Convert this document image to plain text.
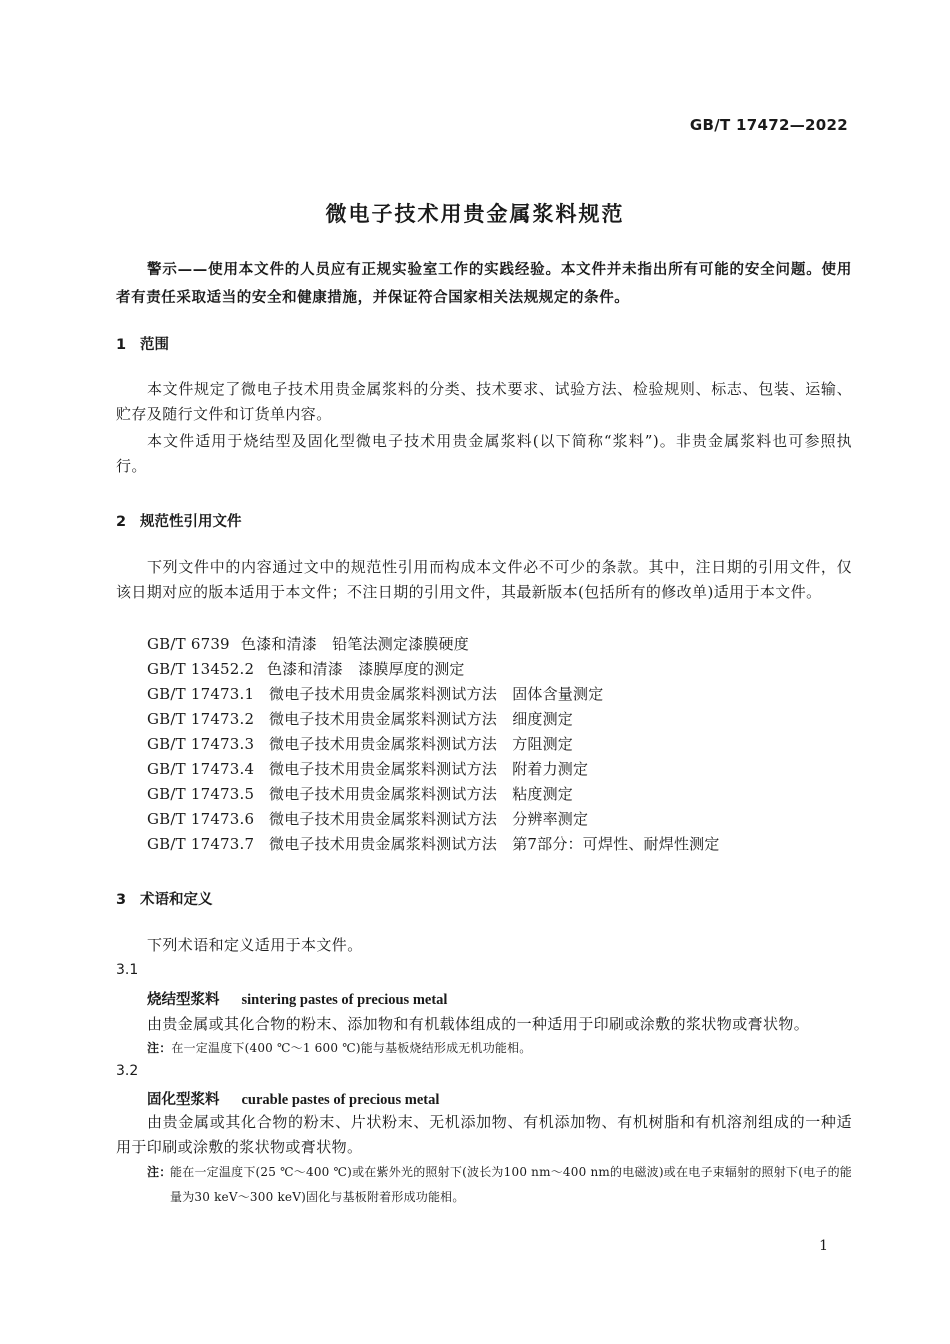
GB/T 17472—2022
微电子技术用贵金属浆料规范
警示——使用本文件的人员应有正规实验室工作的实践经验。本文件并未指出所有可能的安全问题。使用者有责任采取适当的安全和健康措施，并保证符合国家相关法规规定的条件。
1 范围
本文件规定了微电子技术用贵金属浆料的分类、技术要求、试验方法、检验规则、标志、包装、运输、贮存及随行文件和订货单内容。
本文件适用于烧结型及固化型微电子技术用贵金属浆料(以下简称“浆料”)。非贵金属浆料也可参照执行。
2 规范性引用文件
下列文件中的内容通过文中的规范性引用而构成本文件必不可少的条款。其中，注日期的引用文件，仅该日期对应的版本适用于本文件；不注日期的引用文件，其最新版本(包括所有的修改单)适用于本文件。
GB/T 6739 色漆和清漆　铅笔法测定漆膜硬度
GB/T 13452.2 色漆和清漆　漆膜厚度的测定
GB/T 17473.1 微电子技术用贵金属浆料测试方法　固体含量测定
GB/T 17473.2 微电子技术用贵金属浆料测试方法　细度测定
GB/T 17473.3 微电子技术用贵金属浆料测试方法　方阻测定
GB/T 17473.4 微电子技术用贵金属浆料测试方法　附着力测定
GB/T 17473.5 微电子技术用贵金属浆料测试方法　粘度测定
GB/T 17473.6 微电子技术用贵金属浆料测试方法　分辨率测定
GB/T 17473.7 微电子技术用贵金属浆料测试方法　第7部分：可焊性、耐焊性测定
3 术语和定义
下列术语和定义适用于本文件。
3.1
烧结型浆料 sintering pastes of precious metal
由贵金属或其化合物的粉末、添加物和有机载体组成的一种适用于印刷或涂敷的浆状物或膏状物。
注：在一定温度下(400 ℃～1 600 ℃)能与基板烧结形成无机功能相。
3.2
固化型浆料 curable pastes of precious metal
由贵金属或其化合物的粉末、片状粉末、无机添加物、有机添加物、有机树脂和有机溶剂组成的一种适用于印刷或涂敷的浆状物或膏状物。
注：
能在一定温度下(25 ℃～400 ℃)或在紫外光的照射下(波长为100 nm～400 nm的电磁波)或在电子束辐射的照射下(电子的能量为30 keV～300 keV)固化与基板附着形成功能相。
1
